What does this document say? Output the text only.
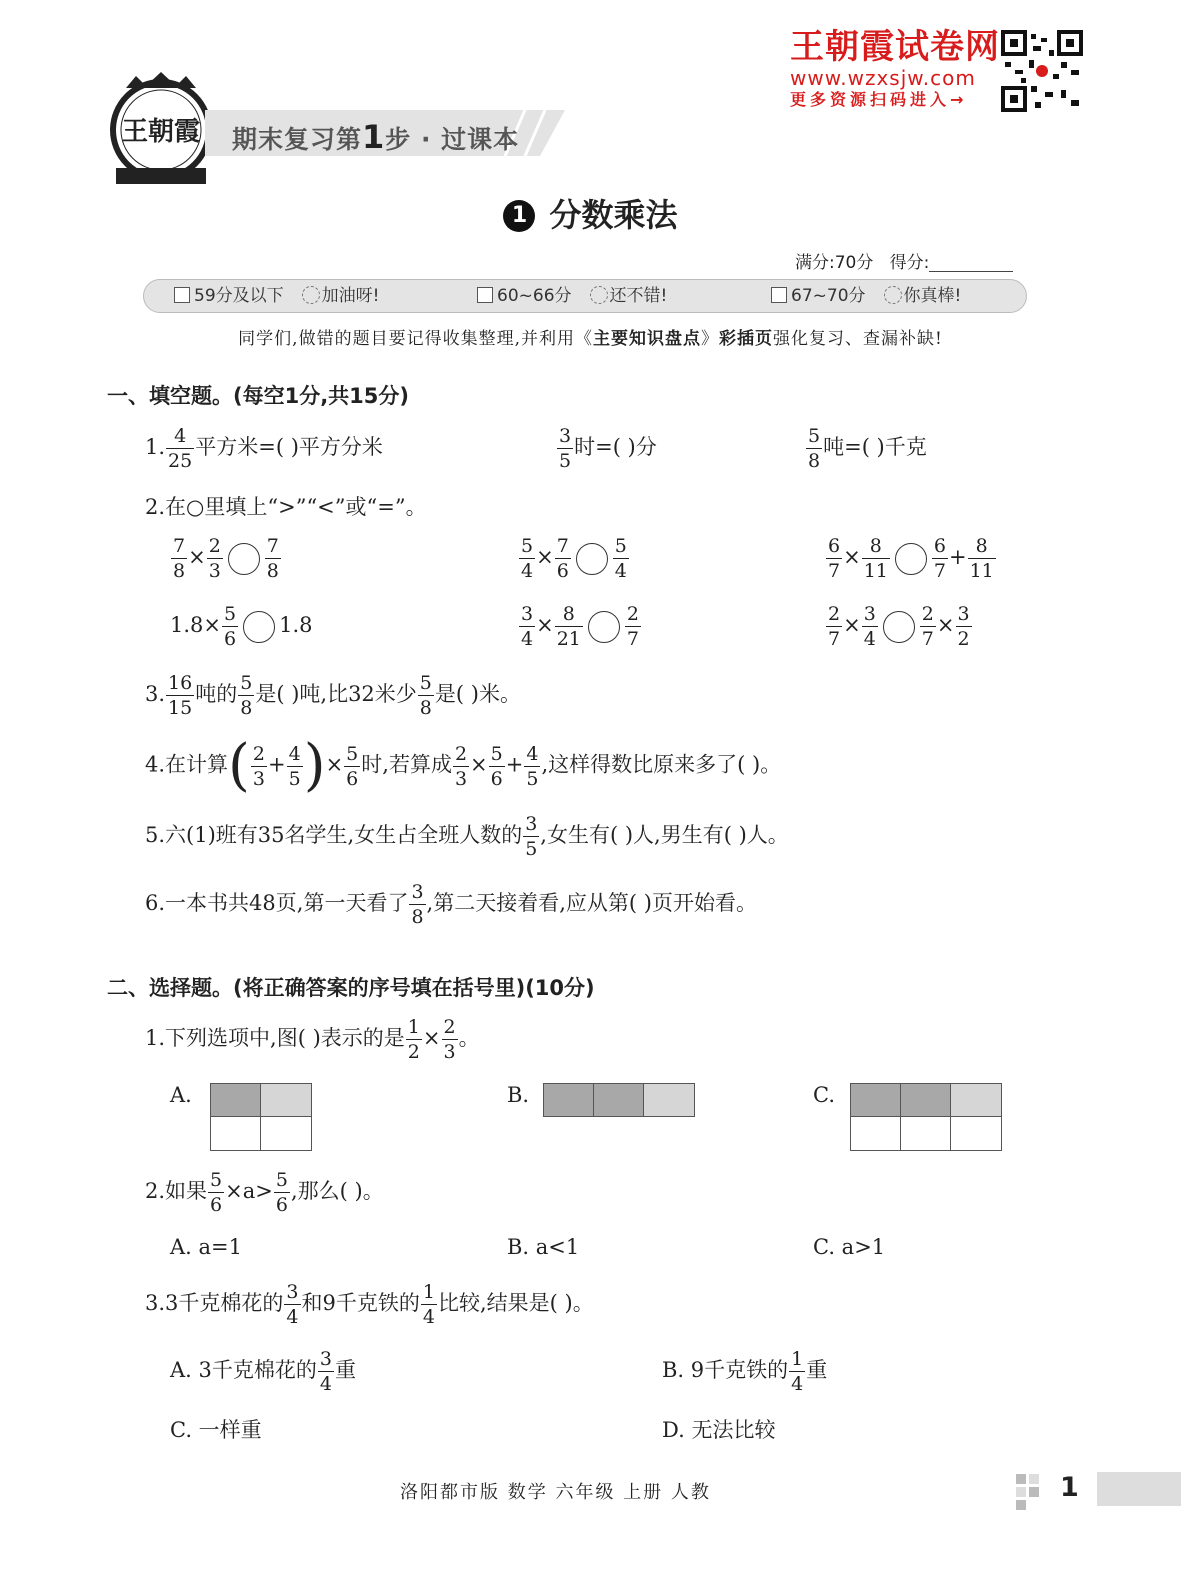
王朝霞 期末复习第1步 · 过课本
王朝霞试卷网
www.wzxsjw.com
更多资源扫码进入→
1 分数乘法
满分:70分 得分:
59分及以下 加油呀!	60~66分 还不错!	67~70分 你真棒!
同学们,做错的题目要记得收集整理,并利用《主要知识盘点》彩插页强化复习、查漏补缺!
一、填空题。(每空1分,共15分)
1. $\frac{4}{25}$ 平方米=( )平方分米	$\frac{3}{5}$ 时=( )分	$\frac{5}{8}$ 吨=( )千克
2.在○里填上“>”“<”或“=”。
$\frac{7}{8} \times \frac{2}{3} \frac{7}{8}$	$\frac{5}{4} \times \frac{7}{6} \frac{5}{4}$	$\frac{6}{7} \times \frac{8}{11} \frac{6}{7} + \frac{8}{11}$
$1.8\times \frac{5}{6} 1.8$	$\frac{3}{4} \times \frac{8}{21} \frac{2}{7}$	$\frac{2}{7} \times \frac{3}{4} \frac{2}{7} \times \frac{3}{2}$
3. $\frac{16}{15}$ 吨的 $\frac{5}{8}$ 是( )吨,比32米少 $\frac{5}{8}$ 是( )米。
4.在计算( $\frac{2}{3} + \frac{4}{5}$ )× $\frac{5}{6}$ 时,若算成 $\frac{2}{3} \times \frac{5}{6} + \frac{4}{5}$ ,这样得数比原来多了( )。
5.六(1)班有35名学生,女生占全班人数的 $\frac{3}{5}$ ,女生有( )人,男生有( )人。
6.一本书共48页,第一天看了 $\frac{3}{8}$ ,第二天接着看,应从第( )页开始看。
二、选择题。(将正确答案的序号填在括号里)(10分)
1.下列选项中,图( )表示的是 $\frac{1}{2} \times \frac{2}{3}$ 。
A.	B.	C.
2.如果 $\frac{5}{6} \times a> \frac{5}{6}$ ,那么( )。
A. a=1	B. a<1	C. a>1
3.3千克棉花的 $\frac{3}{4}$ 和9千克铁的 $\frac{1}{4}$ 比较,结果是( )。
A. 3千克棉花的 $\frac{3}{4}$ 重	B. 9千克铁的 $\frac{1}{4}$ 重
C. 一样重	D. 无法比较
洛阳都市版 数学 六年级 上册 人教	1
